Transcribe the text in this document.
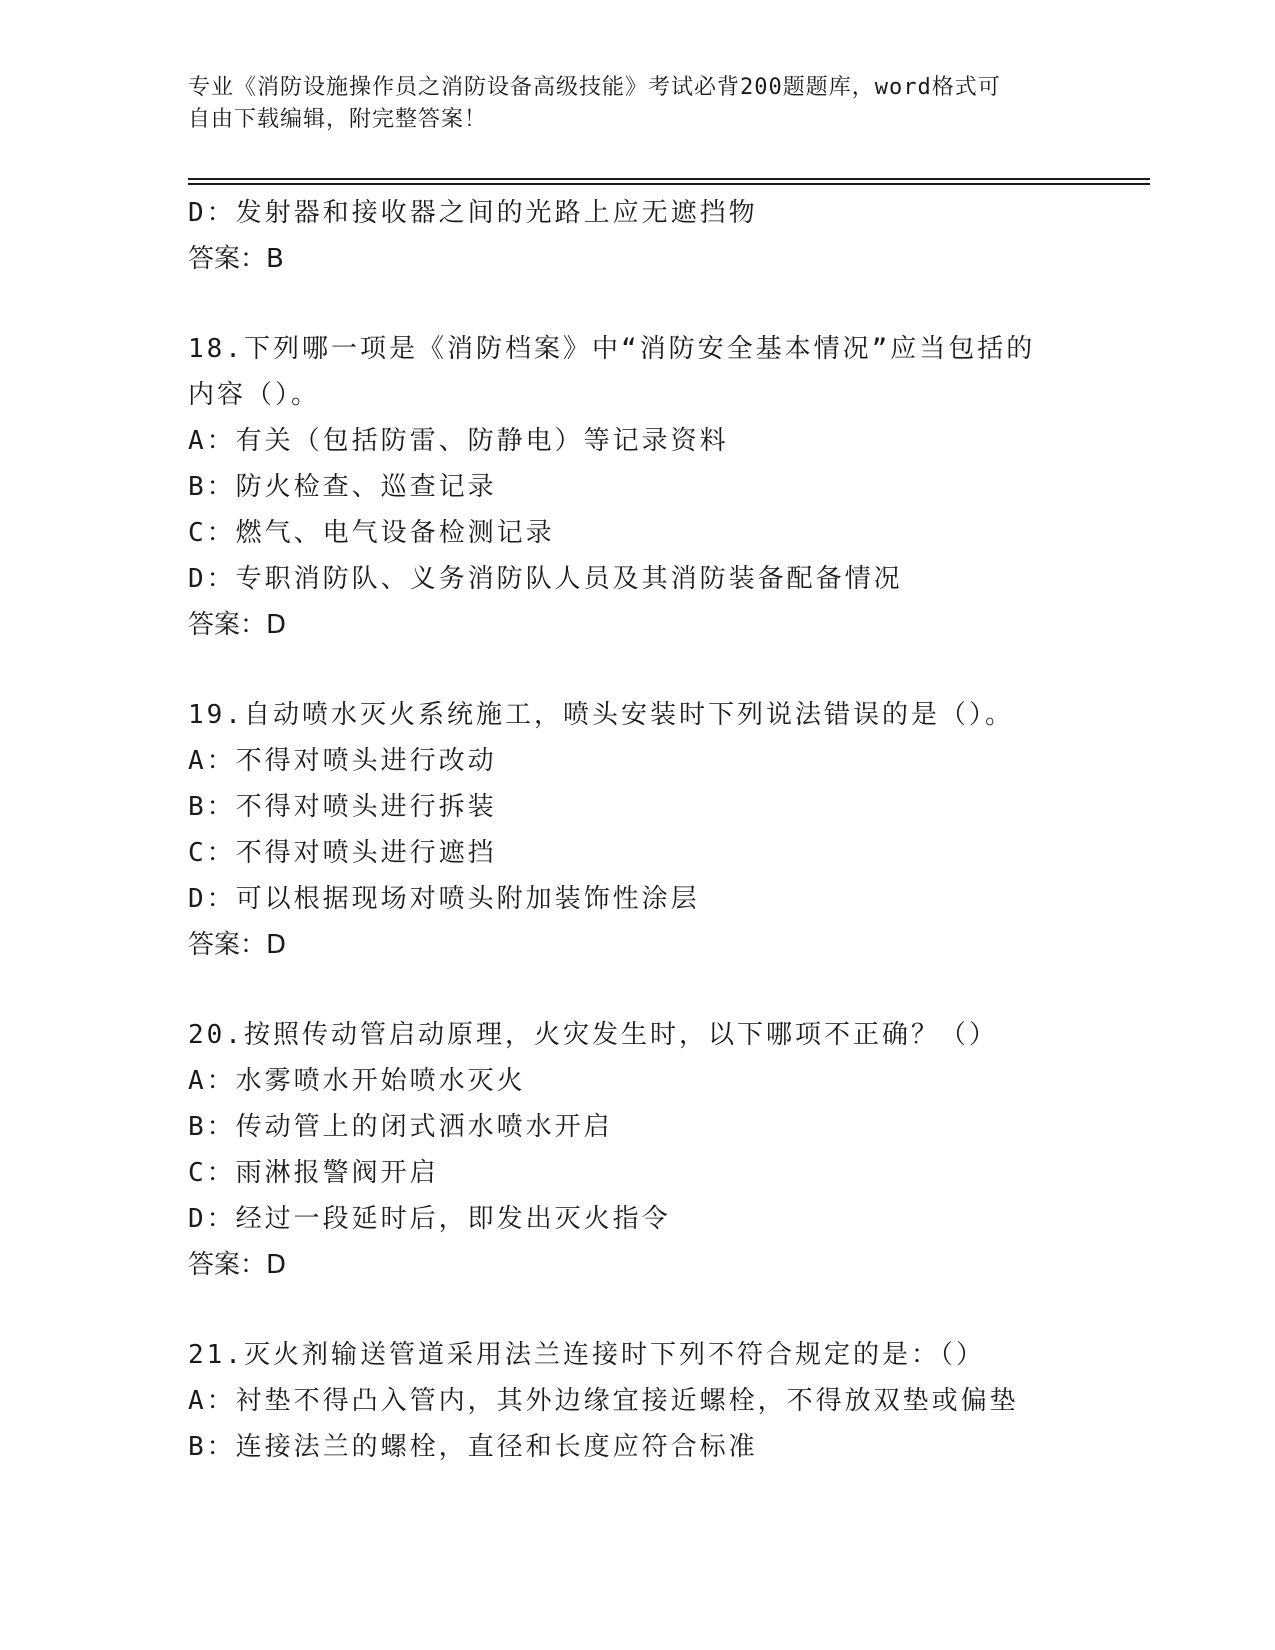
专业《消防设施操作员之消防设备高级技能》考试必背200题题库，word格式可
自由下载编辑，附完整答案！
D：发射器和接收器之间的光路上应无遮挡物
答案：B
18.下列哪一项是《消防档案》中“消防安全基本情况”应当包括的内容（）。
A：有关（包括防雷、防静电）等记录资料
B：防火检查、巡查记录
C：燃气、电气设备检测记录
D：专职消防队、义务消防队人员及其消防装备配备情况
答案：D
19.自动喷水灭火系统施工，喷头安装时下列说法错误的是（）。
A：不得对喷头进行改动
B：不得对喷头进行拆装
C：不得对喷头进行遮挡
D：可以根据现场对喷头附加装饰性涂层
答案：D
20.按照传动管启动原理，火灾发生时，以下哪项不正确？（）
A：水雾喷水开始喷水灭火
B：传动管上的闭式洒水喷水开启
C：雨淋报警阀开启
D：经过一段延时后，即发出灭火指令
答案：D
21.灭火剂输送管道采用法兰连接时下列不符合规定的是：（）
A：衬垫不得凸入管内，其外边缘宜接近螺栓，不得放双垫或偏垫
B：连接法兰的螺栓，直径和长度应符合标准
